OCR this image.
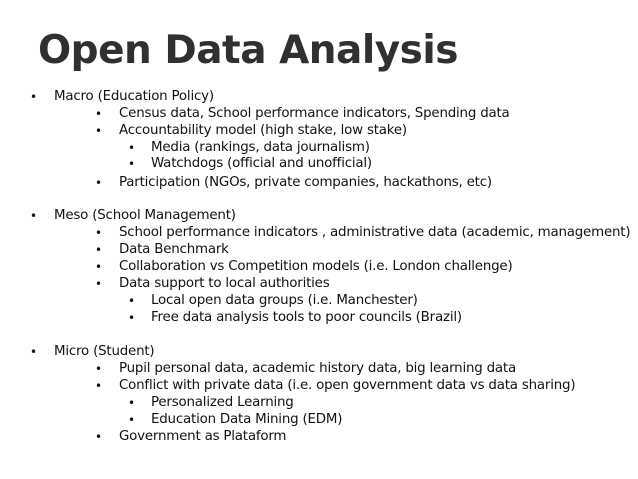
Open Data Analysis
• Macro (Education Policy)
• Census data, School performance indicators, Spending data
• Accountability model (high stake, low stake)
• Media (rankings, data journalism)
• Watchdogs (official and unofficial)
• Participation (NGOs, private companies, hackathons, etc)
• Meso (School Management)
• School performance indicators , administrative data (academic, management)
• Data Benchmark
• Collaboration vs Competition models (i.e. London challenge)
• Data support to local authorities
• Local open data groups (i.e. Manchester)
• Free data analysis tools to poor councils (Brazil)
• Micro (Student)
• Pupil personal data, academic history data, big learning data
• Conflict with private data (i.e. open government data vs data sharing)
• Personalized Learning
• Education Data Mining (EDM)
• Government as Plataform
